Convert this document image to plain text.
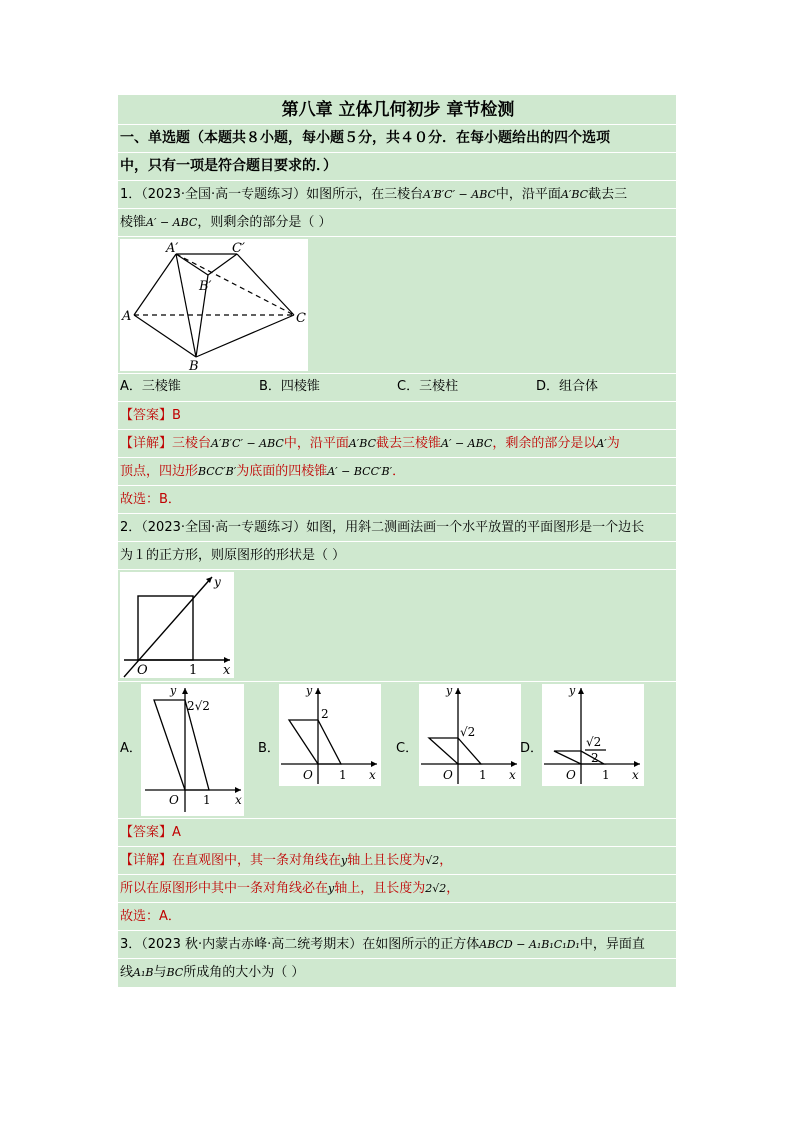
第八章 立体几何初步 章节检测
一、单选题（本题共８小题，每小题５分，共４０分．在每小题给出的四个选项
中，只有一项是符合题目要求的．）
1．（2023·全国·高一专题练习）如图所示，在三棱台A′B′C′ − ABC中，沿平面A′BC截去三
棱锥A′ − ABC，则剩余的部分是（ ）
A′	C′
B′
A
B
C
A．三棱锥	B．四棱锥	C．三棱柱	D．组合体
【答案】B
【详解】三棱台A′B′C′ − ABC中，沿平面A′BC截去三棱锥A′ − ABC，剩余的部分是以A′为
顶点，四边形BCC′B′为底面的四棱锥A′ − BCC′B′．
故选：B．
2．（2023·全国·高一专题练习）如图，用斜二测画法画一个水平放置的平面图形是一个边长
为１的正方形，则原图形的形状是（ ）
y
O	1 x
A．
y
2√2
O 1 x
B．
y
2
O 1 x
C．
y
√2
O 1 x
D．
y
√2
2
O 1 x
【答案】A
【详解】在直观图中，其一条对角线在y轴上且长度为√2，
所以在原图形中其中一条对角线必在y轴上，且长度为2√2，
故选：A．
3．（2023 秋·内蒙古赤峰·高二统考期末）在如图所示的正方体ABCD − A₁B₁C₁D₁中，异面直
线A₁B与BC所成角的大小为（ ）
